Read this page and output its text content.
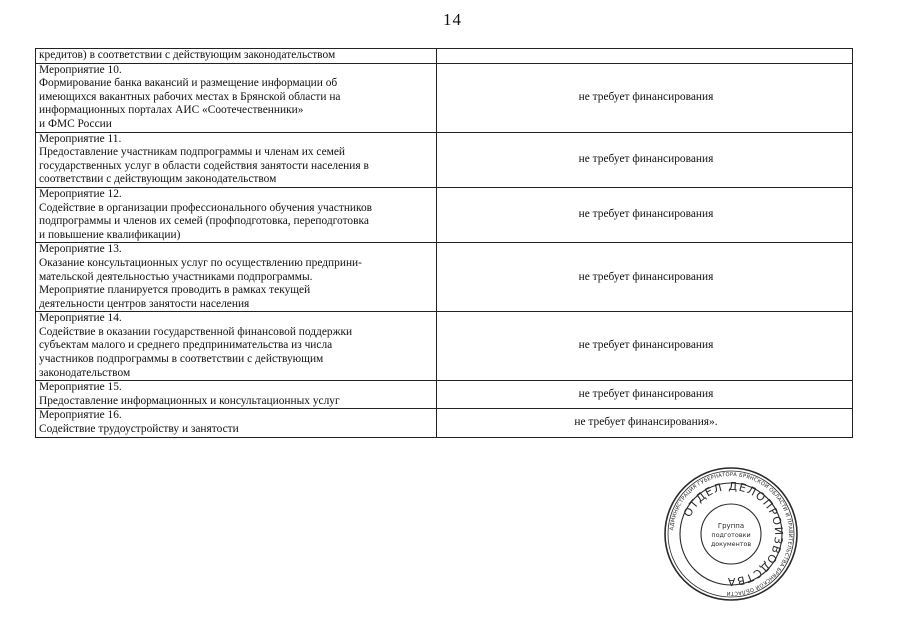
14
кредитов) в соответствии с действующим законодательством	

Мероприятие 10.
Формирование банка вакансий и размещение информации об
имеющихся вакантных рабочих местах в Брянской области на
информационных порталах АИС «Соотечественники»
и ФМС России	не требует финансирования

Мероприятие 11.
Предоставление участникам подпрограммы и членам их семей
государственных услуг в области содействия занятости населения в
соответствии с действующим законодательством	не требует финансирования

Мероприятие 12.
Содействие в организации профессионального обучения участников
подпрограммы и членов их семей (профподготовка, переподготовка
и повышение квалификации)	не требует финансирования

Мероприятие 13.
Оказание консультационных услуг по осуществлению предприни-
мательской деятельностью участниками подпрограммы.
Мероприятие планируется проводить в рамках текущей
деятельности центров занятости населения	не требует финансирования

Мероприятие 14.
Содействие в оказании государственной финансовой поддержки
субъектам малого и среднего предпринимательства из числа
участников подпрограммы в соответствии с действующим
законодательством	не требует финансирования

Мероприятие 15.
Предоставление информационных и консультационных услуг	не требует финансирования

Мероприятие 16.
Содействие трудоустройству и занятости	не требует финансирования».
АДМИНИСТРАЦИЯ ГУБЕРНАТОРА БРЯНСКОЙ ОБЛАСТИ И ПРАВИТЕЛЬСТВА БРЯНСКОЙ ОБЛАСТИ
ОТДЕЛ ДЕЛОПРОИЗВОДСТВА
Группа
подготовки
документов
